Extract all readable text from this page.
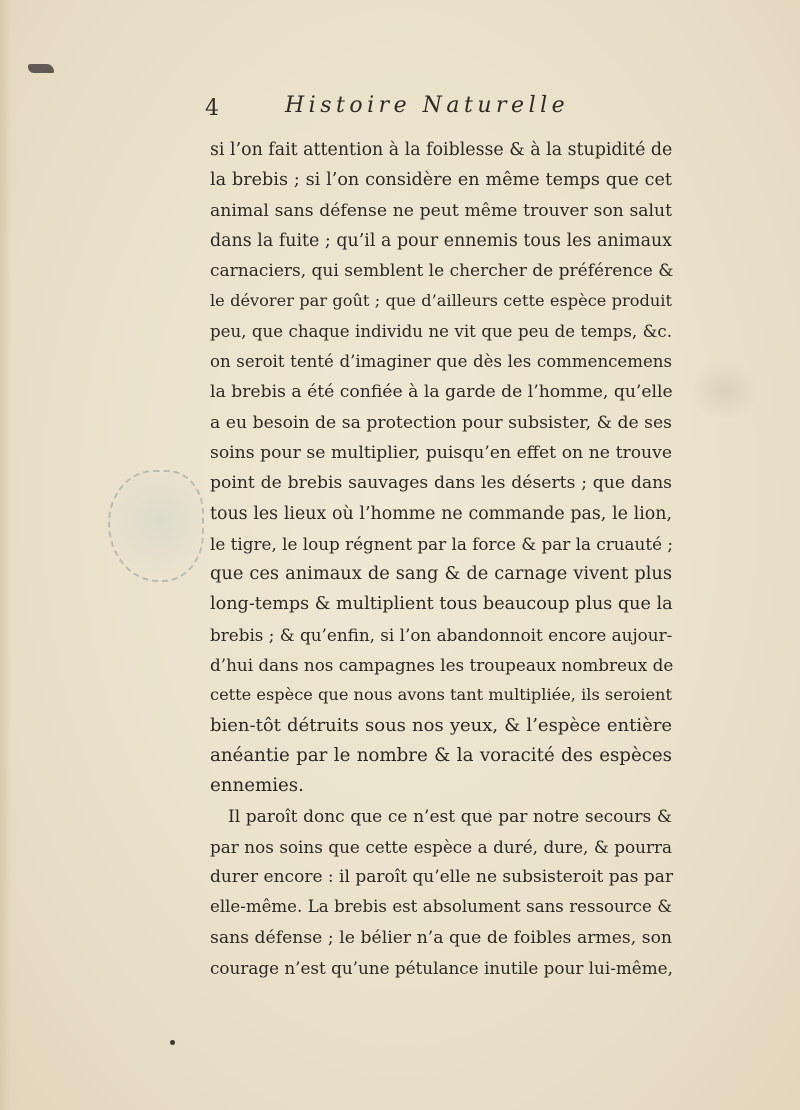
4	Histoire Naturelle
si l’on fait attention à la foiblesse & à la stupidité de
la brebis ; si l’on considère en même temps que cet
animal sans défense ne peut même trouver son salut
dans la fuite ; qu’il a pour ennemis tous les animaux
carnaciers, qui semblent le chercher de préférence &
le dévorer par goût ; que d’ailleurs cette espèce produit
peu, que chaque individu ne vit que peu de temps, &c.
on seroit tenté d’imaginer que dès les commencemens
la brebis a été confiée à la garde de l’homme, qu’elle
a eu besoin de sa protection pour subsister, & de ses
soins pour se multiplier, puisqu’en effet on ne trouve
point de brebis sauvages dans les déserts ; que dans
tous les lieux où l’homme ne commande pas, le lion,
le tigre, le loup régnent par la force & par la cruauté ;
que ces animaux de sang & de carnage vivent plus
long-temps & multiplient tous beaucoup plus que la
brebis ; & qu’enfin, si l’on abandonnoit encore aujour-
d’hui dans nos campagnes les troupeaux nombreux de
cette espèce que nous avons tant multipliée, ils seroient
bien-tôt détruits sous nos yeux, & l’espèce entière
anéantie par le nombre & la voracité des espèces
ennemies.
Il paroît donc que ce n’est que par notre secours &
par nos soins que cette espèce a duré, dure, & pourra
durer encore : il paroît qu’elle ne subsisteroit pas par
elle-même. La brebis est absolument sans ressource &
sans défense ; le bélier n’a que de foibles armes, son
courage n’est qu’une pétulance inutile pour lui-même,
